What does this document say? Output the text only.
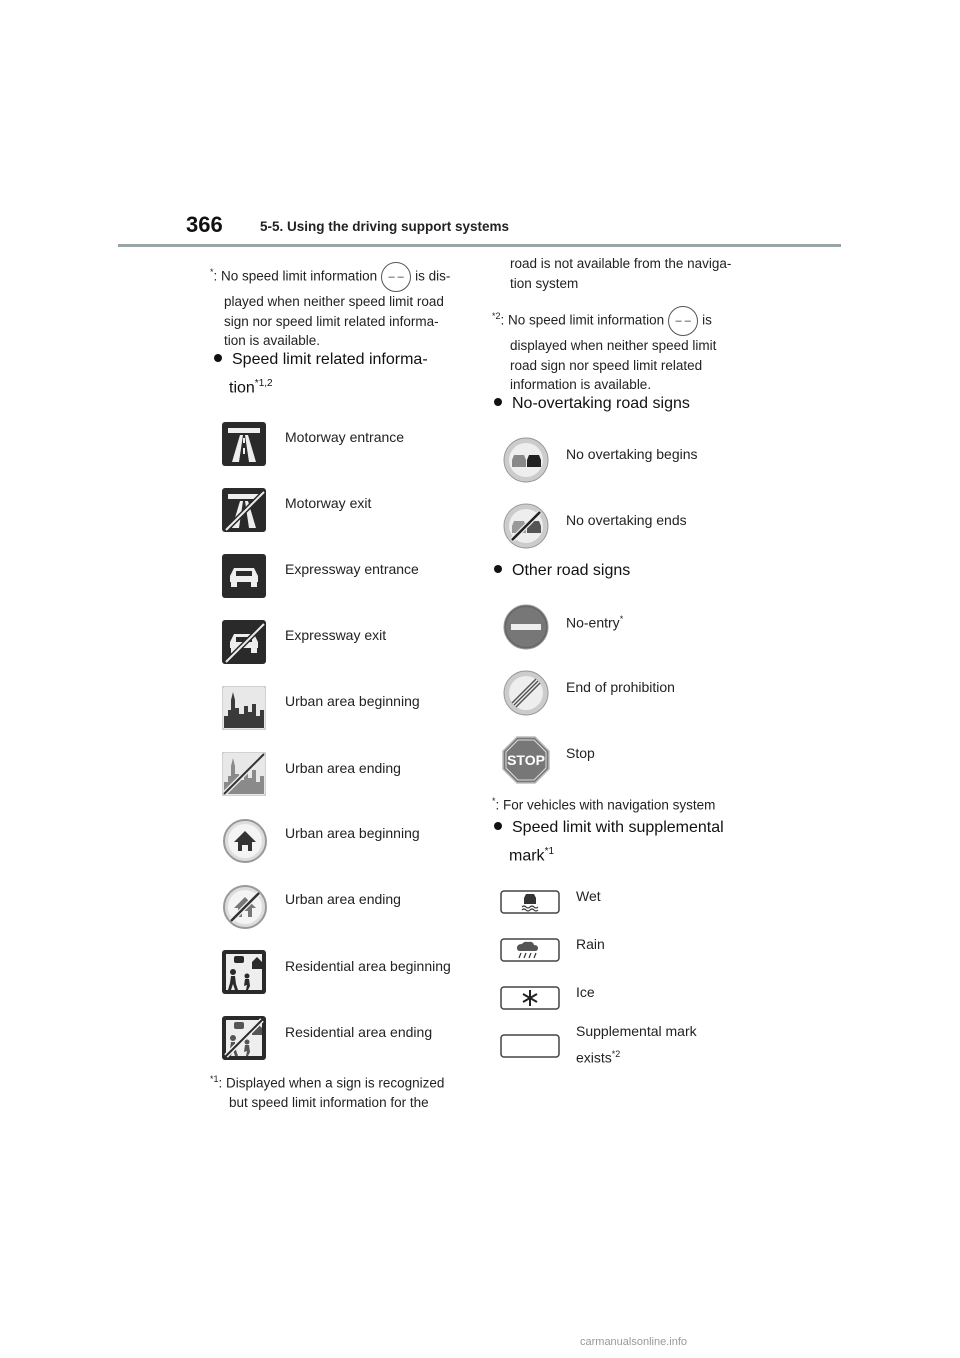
366	5-5. Using the driving support systems
*: No speed limit information – – is dis-
played when neither speed limit road
sign nor speed limit related informa-
tion is available.
Speed limit related informa-
tion$^{*1,2}$
Motorway entrance
Motorway exit
Expressway entrance
Expressway exit
Urban area beginning
Urban area ending
Urban area beginning
Urban area ending
Residential area beginning
Residential area ending
$^{*1}$: Displayed when a sign is recognized
but speed limit information for the
road is not available from the naviga-
tion system
$^{*2}$: No speed limit information – – is
displayed when neither speed limit
road sign nor speed limit related
information is available.
No-overtaking road signs
No overtaking begins
No overtaking ends
Other road signs
STOP
No-entry*
End of prohibition
Stop
*: For vehicles with navigation system
Speed limit with supplemental
mark$^{*1}$
Wet
Rain
Ice
Supplemental mark
exists$^{*2}$
carmanualsonline.info
